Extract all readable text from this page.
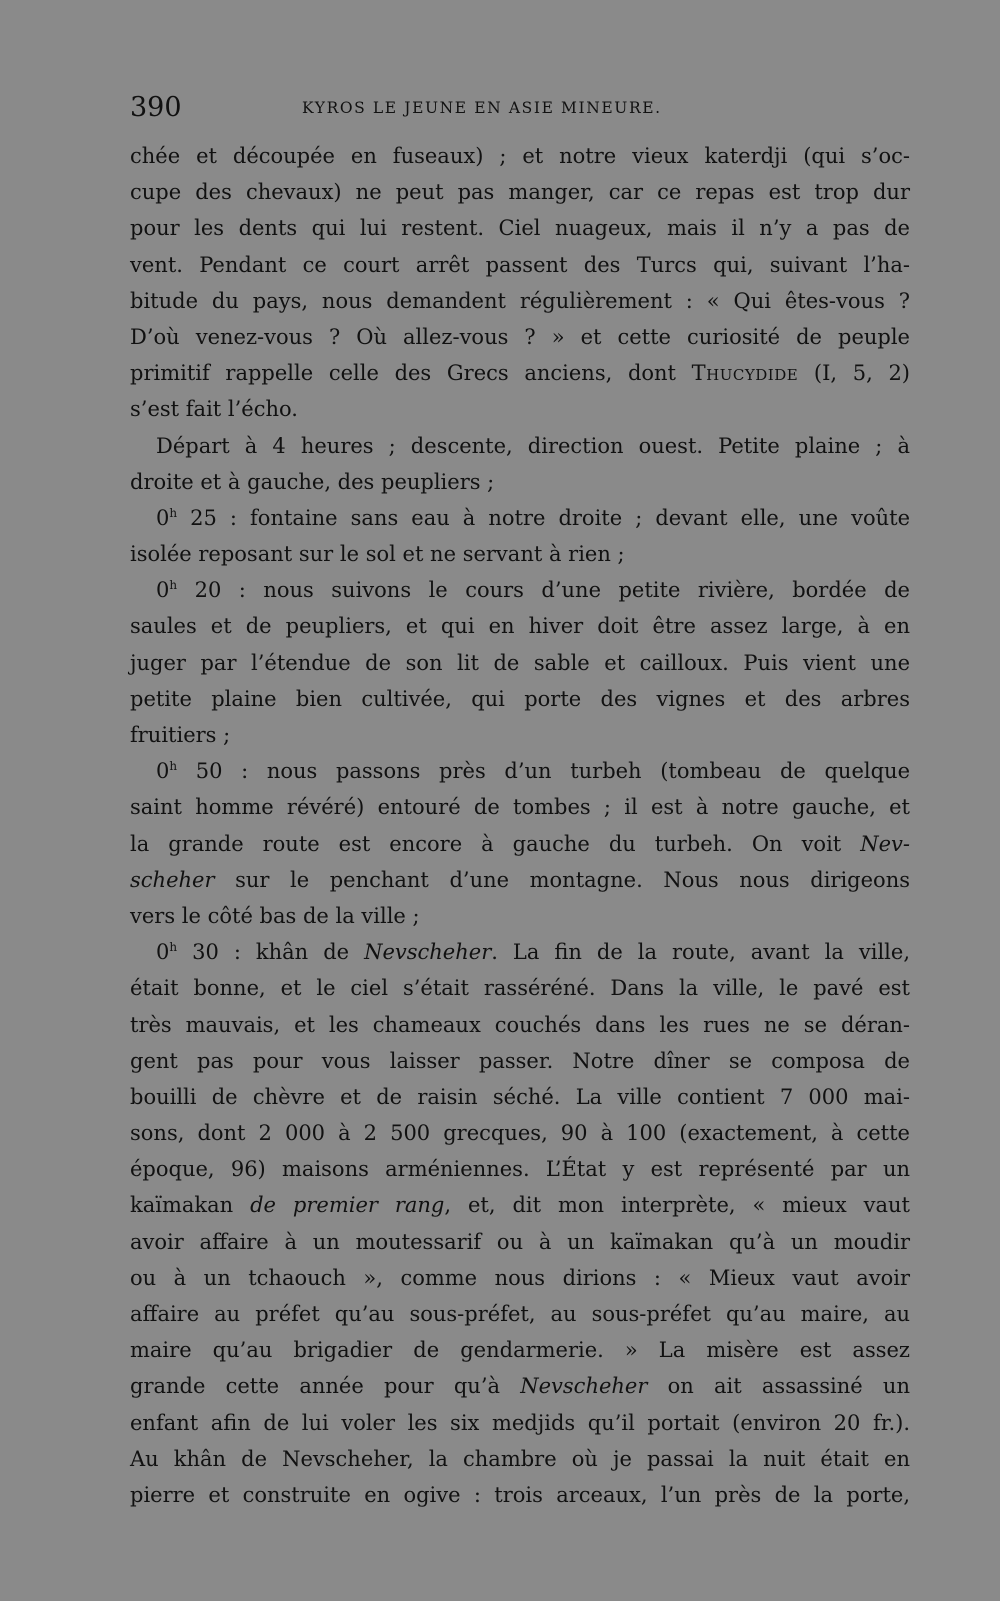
390	KYROS LE JEUNE EN ASIE MINEURE.
chée et découpée en fuseaux) ; et notre vieux katerdji (qui s’oc-
cupe des chevaux) ne peut pas manger, car ce repas est trop dur
pour les dents qui lui restent. Ciel nuageux, mais il n’y a pas de
vent. Pendant ce court arrêt passent des Turcs qui, suivant l’ha-
bitude du pays, nous demandent régulièrement : « Qui êtes-vous ?
D’où venez-vous ? Où allez-vous ? » et cette curiosité de peuple
primitif rappelle celle des Grecs anciens, dont Thucydide (I, 5, 2)
s’est fait l’écho.
Départ à 4 heures ; descente, direction ouest. Petite plaine ; à
droite et à gauche, des peupliers ;
0$^h$ 25 : fontaine sans eau à notre droite ; devant elle, une voûte
isolée reposant sur le sol et ne servant à rien ;
0$^h$ 20 : nous suivons le cours d’une petite rivière, bordée de
saules et de peupliers, et qui en hiver doit être assez large, à en
juger par l’étendue de son lit de sable et cailloux. Puis vient une
petite plaine bien cultivée, qui porte des vignes et des arbres
fruitiers ;
0$^h$ 50 : nous passons près d’un turbeh (tombeau de quelque
saint homme révéré) entouré de tombes ; il est à notre gauche, et
la grande route est encore à gauche du turbeh. On voit Nev-
scheher sur le penchant d’une montagne. Nous nous dirigeons
vers le côté bas de la ville ;
0$^h$ 30 : khân de Nevscheher. La fin de la route, avant la ville,
était bonne, et le ciel s’était rasséréné. Dans la ville, le pavé est
très mauvais, et les chameaux couchés dans les rues ne se déran-
gent pas pour vous laisser passer. Notre dîner se composa de
bouilli de chèvre et de raisin séché. La ville contient 7 000 mai-
sons, dont 2 000 à 2 500 grecques, 90 à 100 (exactement, à cette
époque, 96) maisons arméniennes. L’État y est représenté par un
kaïmakan de premier rang, et, dit mon interprète, « mieux vaut
avoir affaire à un moutessarif ou à un kaïmakan qu’à un moudir
ou à un tchaouch », comme nous dirions : « Mieux vaut avoir
affaire au préfet qu’au sous-préfet, au sous-préfet qu’au maire, au
maire qu’au brigadier de gendarmerie. » La misère est assez
grande cette année pour qu’à Nevscheher on ait assassiné un
enfant afin de lui voler les six medjids qu’il portait (environ 20 fr.).
Au khân de Nevscheher, la chambre où je passai la nuit était en
pierre et construite en ogive : trois arceaux, l’un près de la porte,
